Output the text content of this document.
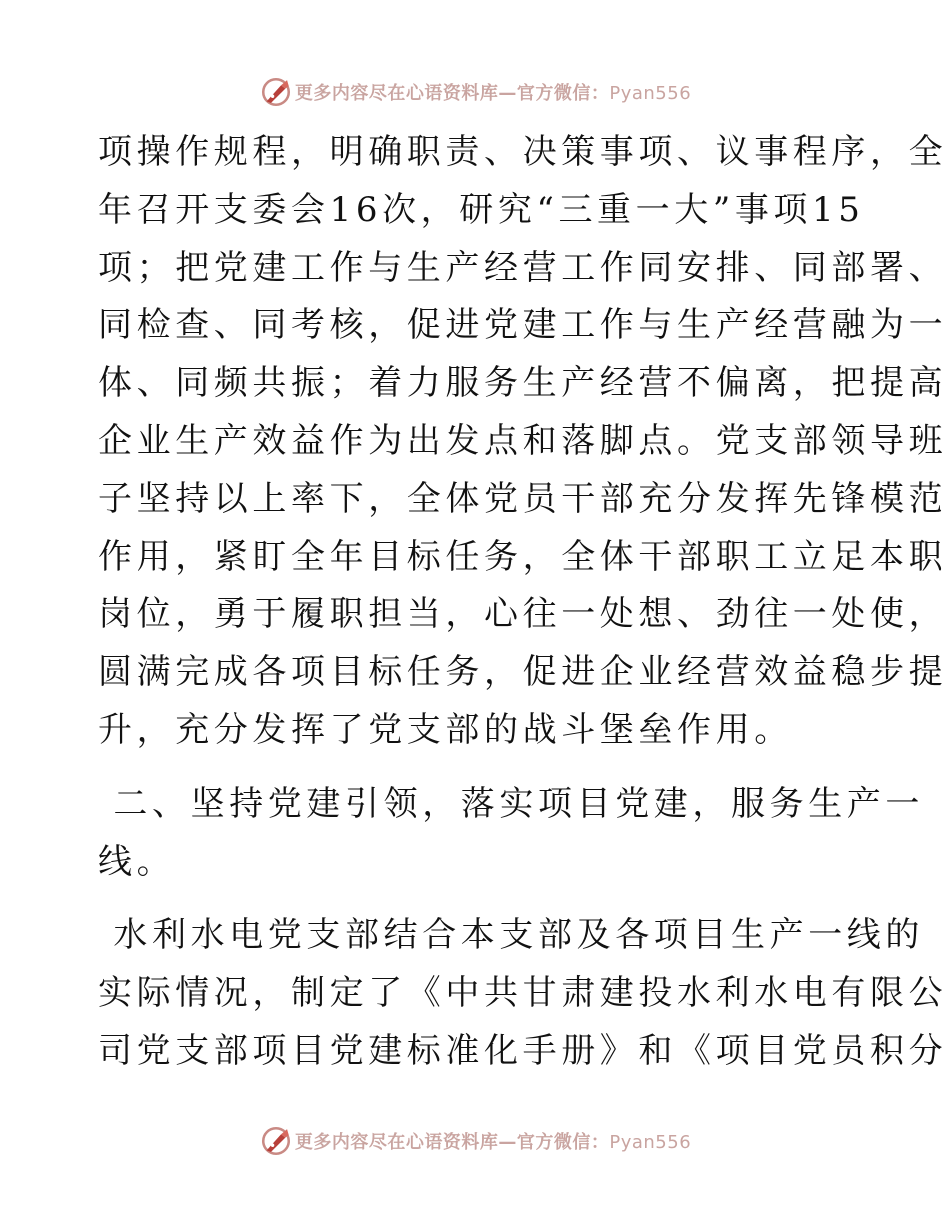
更多内容尽在心语资料库—官方微信：Pyan556
项操作规程，明确职责、决策事项、议事程序，全
年召开支委会16次，研究“三重一大”事项15
项；把党建工作与生产经营工作同安排、同部署、
同检查、同考核，促进党建工作与生产经营融为一
体、同频共振；着力服务生产经营不偏离，把提高
企业生产效益作为出发点和落脚点。党支部领导班
子坚持以上率下，全体党员干部充分发挥先锋模范
作用，紧盯全年目标任务，全体干部职工立足本职
岗位，勇于履职担当，心往一处想、劲往一处使，
圆满完成各项目标任务，促进企业经营效益稳步提
升，充分发挥了党支部的战斗堡垒作用。
二、坚持党建引领，落实项目党建，服务生产一
线。
水利水电党支部结合本支部及各项目生产一线的
实际情况，制定了《中共甘肃建投水利水电有限公
司党支部项目党建标准化手册》和《项目党员积分
更多内容尽在心语资料库—官方微信：Pyan556
